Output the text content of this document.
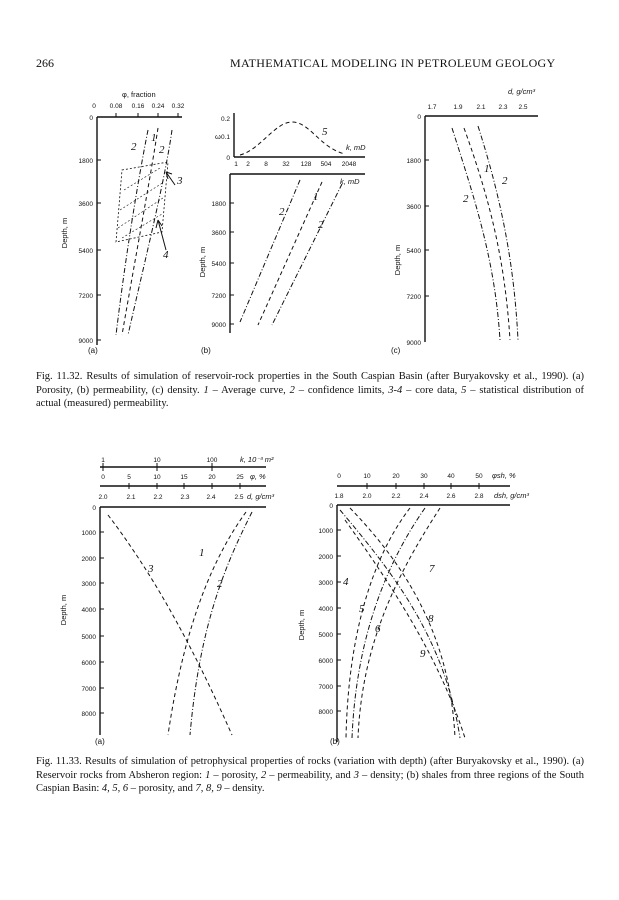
266	MATHEMATICAL MODELING IN PETROLEUM GEOLOGY
φ, fraction
0 0.08 0.16 0.24 0.32
0
1800
3600
5400
7200
9000
Depth, m
1
2 2
3
4
(a)
0.2
0.1
0
ω	5
1 2 8 32 128 504 2048
k, mD
k, mD
1800
3600
5400
7200
9000
Depth, m
1
2
2
(b)
d, g/cm³
1.7	1.9 2.1 2.3 2.5
0
1800
3600
5400
7200
9000
Depth, m
1
2
2
(c)
Fig. 11.32. Results of simulation of reservoir-rock properties in the South Caspian Basin (after Buryakovsky et al., 1990). (a) Porosity, (b) permeability, (c) density. 1 – Average curve, 2 – confidence limits, 3-4 – core data, 5 – statistical distribution of actual (measured) permeability.
1	10	100	k, 10⁻³ m²
0	5	10	15	20	25 φ, %
2.0	2.1	2.2	2.3	2.4	2.5 d, g/cm³
0
1000
2000
3000
4000
5000
6000
7000
8000
Depth, m
1
2
3
(a)
0	10	20	30	40	50 φsh, %
1.8	2.0	2.2	2.4	2.6	2.8 dsh, g/cm³
0
1000
2000
3000
4000
5000
6000
7000
8000
Depth, m
4
5
6
7
8
9
(b)
Fig. 11.33. Results of simulation of petrophysical properties of rocks (variation with depth) (after Buryakovsky et al., 1990). (a) Reservoir rocks from Absheron region: 1 – porosity, 2 – permeability, and 3 – density; (b) shales from three regions of the South Caspian Basin: 4, 5, 6 – porosity, and 7, 8, 9 – density.
